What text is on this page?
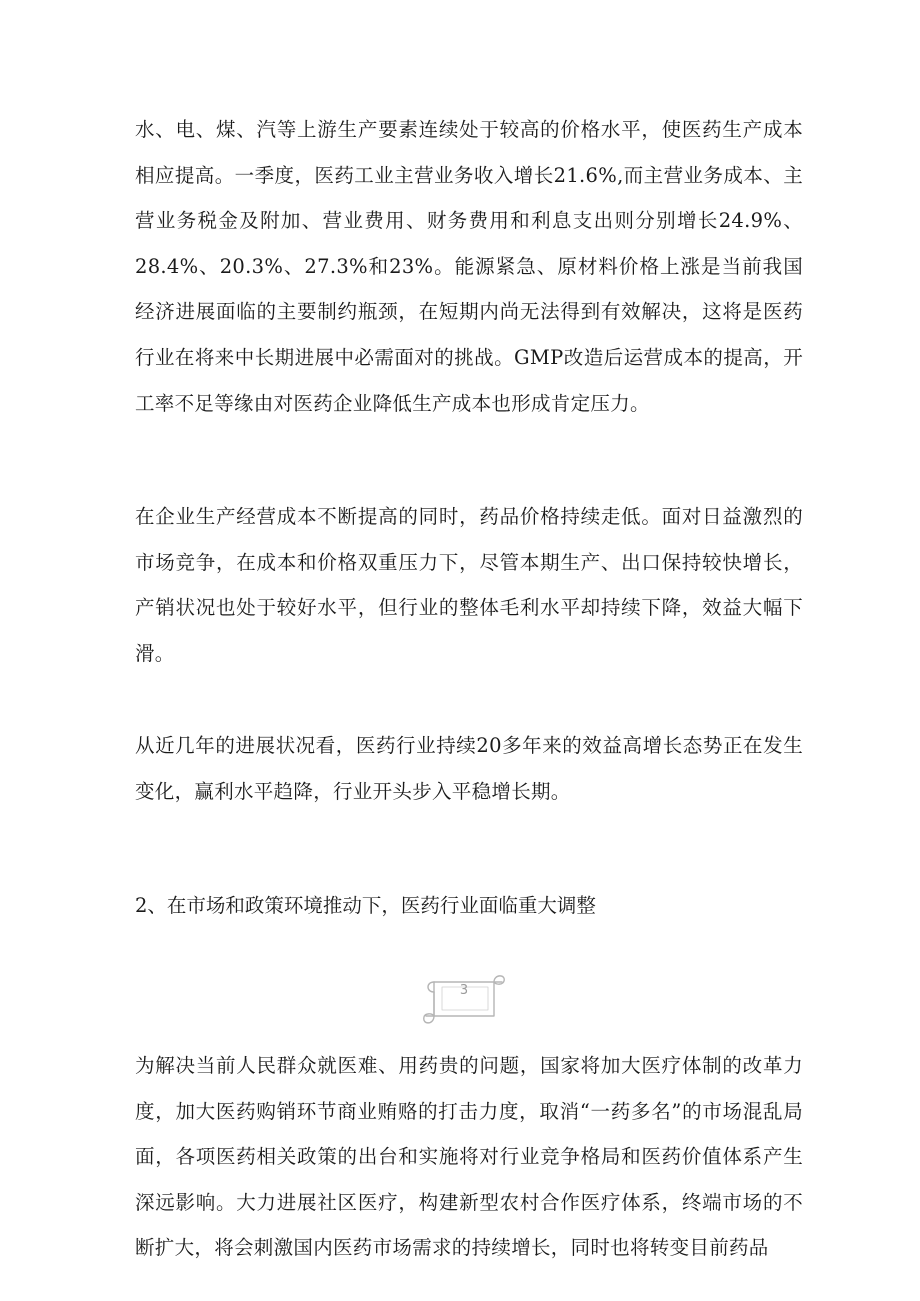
水、电、煤、汽等上游生产要素连续处于较高的价格水平，使医药生产成本相应提高。一季度，医药工业主营业务收入增长21.6%,而主营业务成本、主营业务税金及附加、营业费用、财务费用和利息支出则分别增长24.9%、28.4%、20.3%、27.3%和23%。能源紧急、原材料价格上涨是当前我国经济进展面临的主要制约瓶颈，在短期内尚无法得到有效解决，这将是医药行业在将来中长期进展中必需面对的挑战。GMP改造后运营成本的提高，开工率不足等缘由对医药企业降低生产成本也形成肯定压力。

在企业生产经营成本不断提高的同时，药品价格持续走低。面对日益激烈的市场竞争，在成本和价格双重压力下，尽管本期生产、出口保持较快增长，产销状况也处于较好水平，但行业的整体毛利水平却持续下降，效益大幅下滑。

从近几年的进展状况看，医药行业持续20多年来的效益高增长态势正在发生变化，赢利水平趋降，行业开头步入平稳增长期。

2、在市场和政策环境推动下，医药行业面临重大调整

3

为解决当前人民群众就医难、用药贵的问题，国家将加大医疗体制的改革力度，加大医药购销环节商业贿赂的打击力度，取消“一药多名”的市场混乱局面，各项医药相关政策的出台和实施将对行业竞争格局和医药价值体系产生深远影响。大力进展社区医疗，构建新型农村合作医疗体系，终端市场的不断扩大，将会刺激国内医药市场需求的持续增长，同时也将转变目前药品
